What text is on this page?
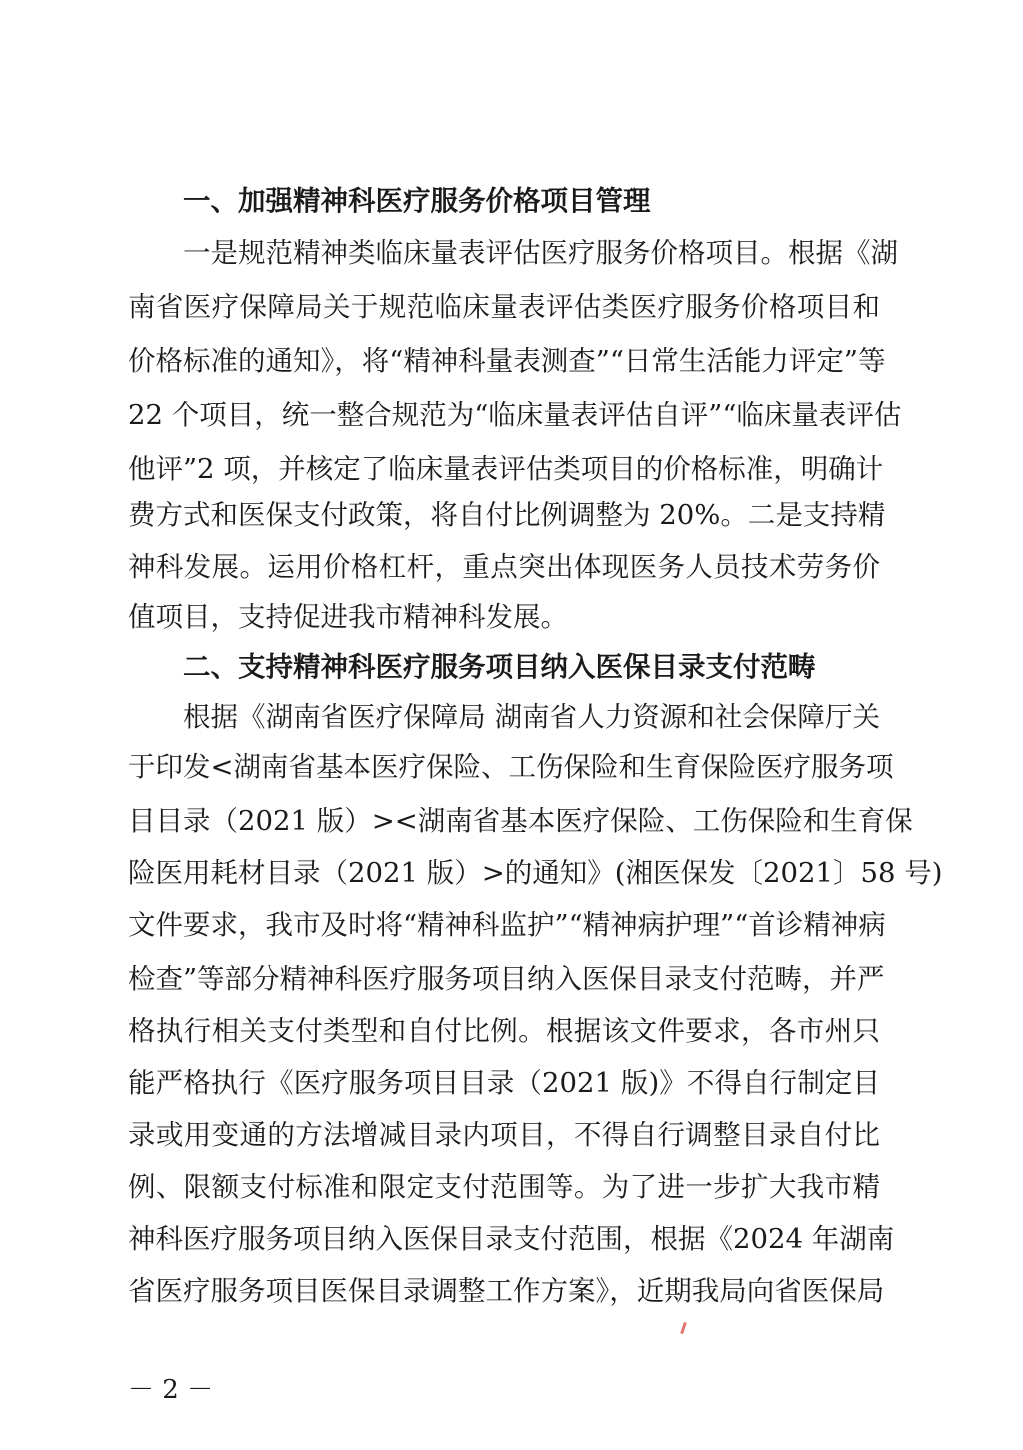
一、加强精神科医疗服务价格项目管理
一是规范精神类临床量表评估医疗服务价格项目。根据《湖
南省医疗保障局关于规范临床量表评估类医疗服务价格项目和
价格标准的通知》，将“精神科量表测查”“日常生活能力评定”等
22 个项目，统一整合规范为“临床量表评估自评”“临床量表评估
他评”2 项，并核定了临床量表评估类项目的价格标准，明确计
费方式和医保支付政策，将自付比例调整为 20%。二是支持精
神科发展。运用价格杠杆，重点突出体现医务人员技术劳务价
值项目，支持促进我市精神科发展。
二、支持精神科医疗服务项目纳入医保目录支付范畴
根据《湖南省医疗保障局 湖南省人力资源和社会保障厅关
于印发<湖南省基本医疗保险、工伤保险和生育保险医疗服务项
目目录（2021 版）><湖南省基本医疗保险、工伤保险和生育保
险医用耗材目录（2021 版）>的通知》(湘医保发〔2021〕58 号)
文件要求，我市及时将“精神科监护”“精神病护理”“首诊精神病
检查”等部分精神科医疗服务项目纳入医保目录支付范畴，并严
格执行相关支付类型和自付比例。根据该文件要求，各市州只
能严格执行《医疗服务项目目录（2021 版)》不得自行制定目
录或用变通的方法增减目录内项目，不得自行调整目录自付比
例、限额支付标准和限定支付范围等。为了进一步扩大我市精
神科医疗服务项目纳入医保目录支付范围，根据《2024 年湖南
省医疗服务项目医保目录调整工作方案》，近期我局向省医保局
－ 2 －
